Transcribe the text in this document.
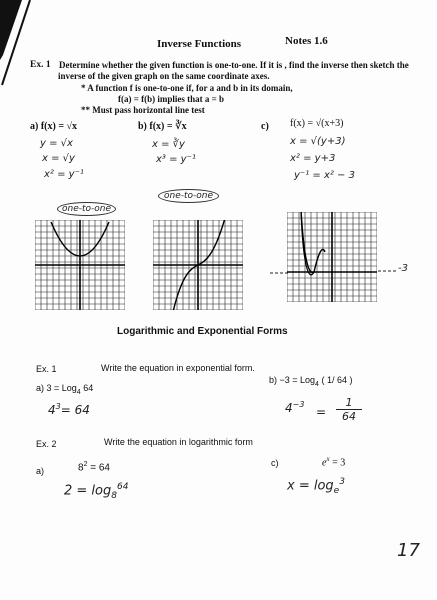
Inverse Functions	Notes 1.6
Ex. 1 Determine whether the given function is one-to-one. If it is , find the inverse then sketch the
inverse of the given graph on the same coordinate axes.
* A function f is one-to-one if, for a and b in its domain,
f(a) = f(b) implies that a = b
** Must pass horizontal line test
a) f(x) = √x	b) f(x) = ∛x	c) f(x) = √(x+3)
y = √x
x = √y
x² = y⁻¹
x = ∛y
x³ = y⁻¹
x = √(y+3)
x² = y+3
y⁻¹ = x² − 3
one-to-one
one-to-one
-3
Logarithmic and Exponential Forms
Ex. 1	Write the equation in exponential form.
a) 3 = Log$_4$ 64
$4^3= 64$
b) −3 = Log$_4$ ( 1/ 64 )
$4^{-3}$
= $\frac{1}{64}$
Ex. 2	Write the equation in logarithmic form
a)	$8^2 = 64$
$2 = \log_8^{64}$
c)	$e^x = 3$
$x = \log_e^3$
17
